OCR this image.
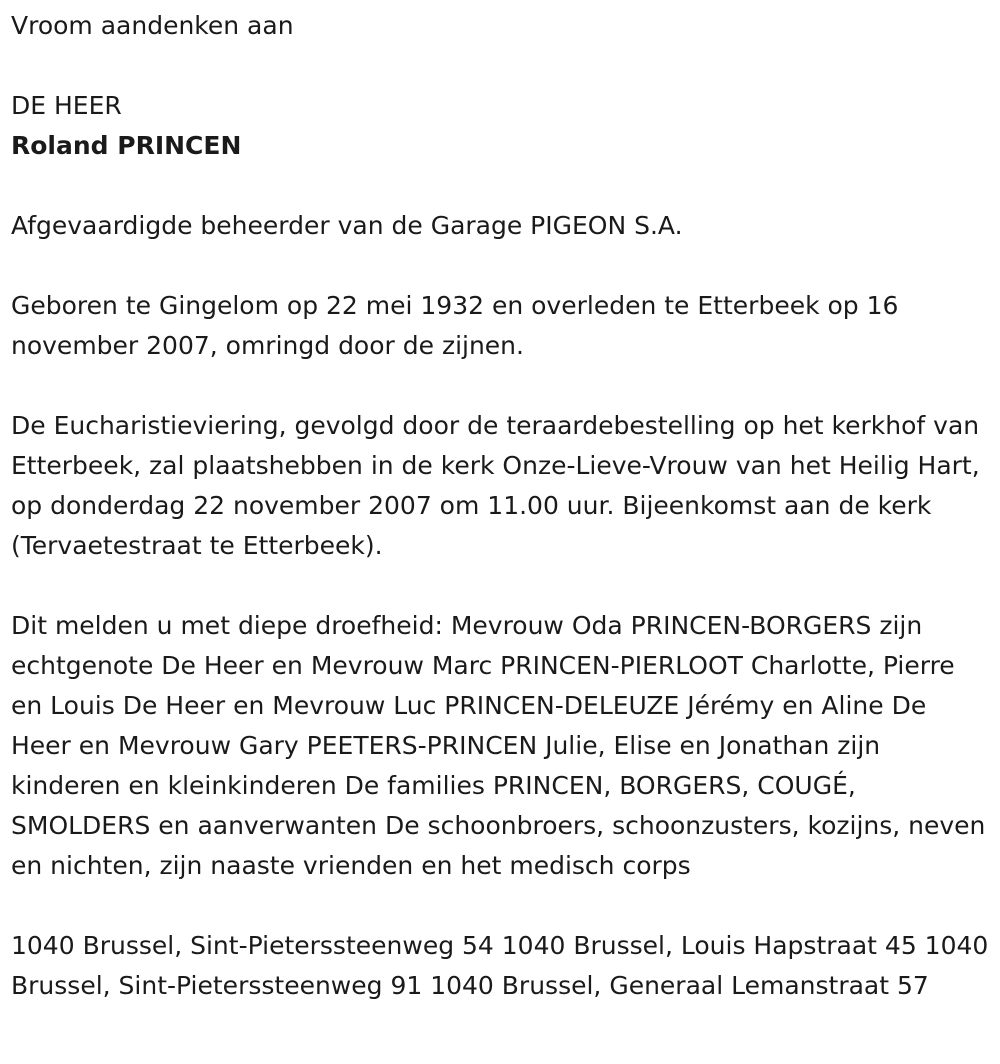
Vroom aandenken aan

DE HEER

Roland PRINCEN

Afgevaardigde beheerder van de Garage PIGEON S.A.

Geboren te Gingelom op 22 mei 1932 en overleden te Etterbeek op 16 november 2007, omringd door de zijnen.

De Eucharistieviering, gevolgd door de teraardebestelling op het kerkhof van Etterbeek, zal plaatshebben in de kerk Onze-Lieve-Vrouw van het Heilig Hart, op donderdag 22 november 2007 om 11.00 uur. Bijeenkomst aan de kerk (Tervaetestraat te Etterbeek).

Dit melden u met diepe droefheid: Mevrouw Oda PRINCEN-BORGERS zijn echtgenote De Heer en Mevrouw Marc PRINCEN-PIERLOOT Charlotte, Pierre en Louis De Heer en Mevrouw Luc PRINCEN-DELEUZE Jérémy en Aline De Heer en Mevrouw Gary PEETERS-PRINCEN Julie, Elise en Jonathan zijn kinderen en kleinkinderen De families PRINCEN, BORGERS, COUGÉ, SMOLDERS en aanverwanten De schoonbroers, schoonzusters, kozijns, neven en nichten, zijn naaste vrienden en het medisch corps

1040 Brussel, Sint-Pieterssteenweg 54 1040 Brussel, Louis Hapstraat 45 1040 Brussel, Sint-Pieterssteenweg 91 1040 Brussel, Generaal Lemanstraat 57
